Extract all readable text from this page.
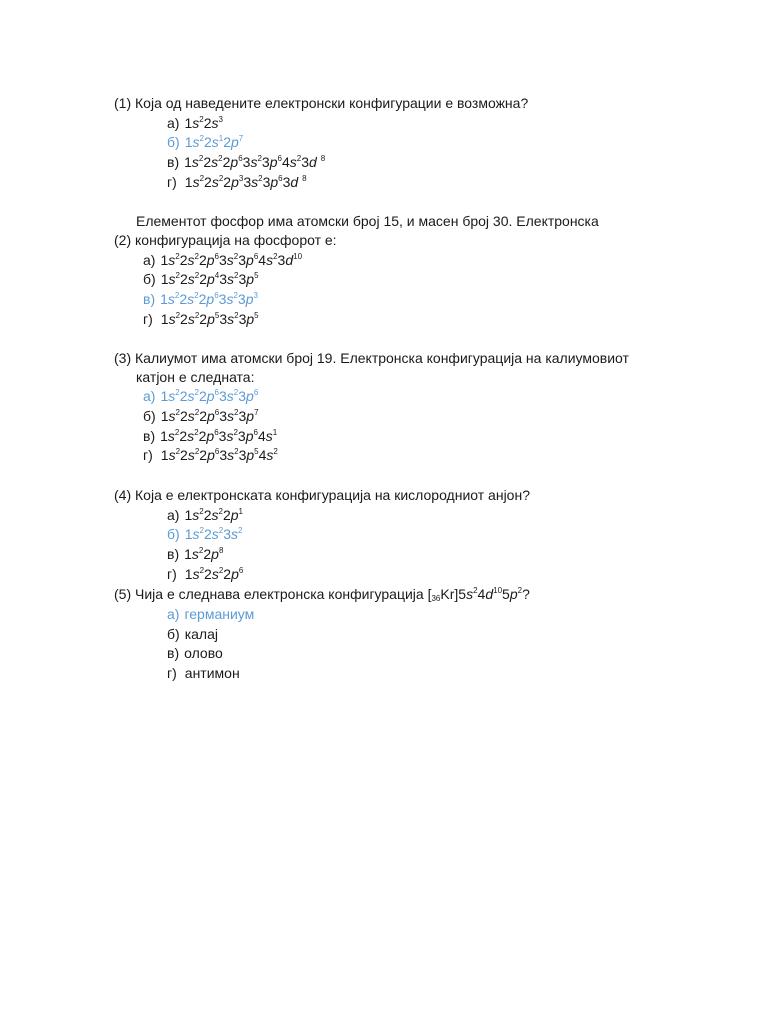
(1) Која од наведените електронски конфигурации е возможна?
а) $1s^22s^3$
б) $1s^22s^12p^7$
в) $1s^22s^22p^63s^23p^64s^23d$ $^8$
г) $1s^22s^22p^33s^23p^63d$ $^8$
Елементот фосфор има атомски број 15, и масен број 30. Електронска
(2) конфигурација на фосфорот е:
а) $1s^22s^22p^63s^23p^64s^23d^{10}$
б) $1s^22s^22p^43s^23p^5$
в) $1s^22s^22p^63s^23p^3$
г) $1s^22s^22p^53s^23p^5$
(3) Калиумот има атомски број 19. Електронска конфигурација на калиумовиот
катјон е следната:
а) $1s^22s^22p^63s^23p^6$
б) $1s^22s^22p^63s^23p^7$
в) $1s^22s^22p^63s^23p^64s^1$
г) $1s^22s^22p^63s^23p^54s^2$
(4) Која е електронската конфигурација на кислородниот анјон?
а) $1s^22s^22p^1$
б) $1s^22s^23s^2$
в) $1s^22p^8$
г) $1s^22s^22p^6$
(5) Чија е следнава електронска конфигурација $[_{36}Kr]5s^24d^{10}5p^2$?
а) германиум
б) калај
в) олово
г) антимон
